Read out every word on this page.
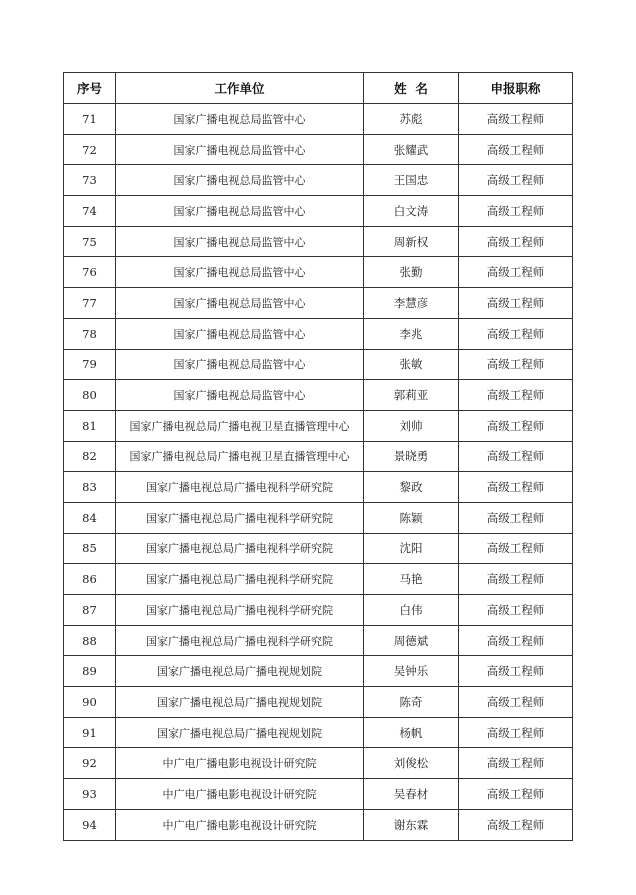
序号	工作单位	姓  名	申报职称
71	国家广播电视总局监管中心	苏彪	高级工程师
72	国家广播电视总局监管中心	张耀武	高级工程师
73	国家广播电视总局监管中心	王国忠	高级工程师
74	国家广播电视总局监管中心	白文涛	高级工程师
75	国家广播电视总局监管中心	周新权	高级工程师
76	国家广播电视总局监管中心	张勤	高级工程师
77	国家广播电视总局监管中心	李慧彦	高级工程师
78	国家广播电视总局监管中心	李兆	高级工程师
79	国家广播电视总局监管中心	张敏	高级工程师
80	国家广播电视总局监管中心	郭莉亚	高级工程师
81	国家广播电视总局广播电视卫星直播管理中心	刘帅	高级工程师
82	国家广播电视总局广播电视卫星直播管理中心	景晓勇	高级工程师
83	国家广播电视总局广播电视科学研究院	黎政	高级工程师
84	国家广播电视总局广播电视科学研究院	陈颖	高级工程师
85	国家广播电视总局广播电视科学研究院	沈阳	高级工程师
86	国家广播电视总局广播电视科学研究院	马艳	高级工程师
87	国家广播电视总局广播电视科学研究院	白伟	高级工程师
88	国家广播电视总局广播电视科学研究院	周德斌	高级工程师
89	国家广播电视总局广播电视规划院	吴钟乐	高级工程师
90	国家广播电视总局广播电视规划院	陈奇	高级工程师
91	国家广播电视总局广播电视规划院	杨帆	高级工程师
92	中广电广播电影电视设计研究院	刘俊松	高级工程师
93	中广电广播电影电视设计研究院	吴春材	高级工程师
94	中广电广播电影电视设计研究院	谢东霖	高级工程师
